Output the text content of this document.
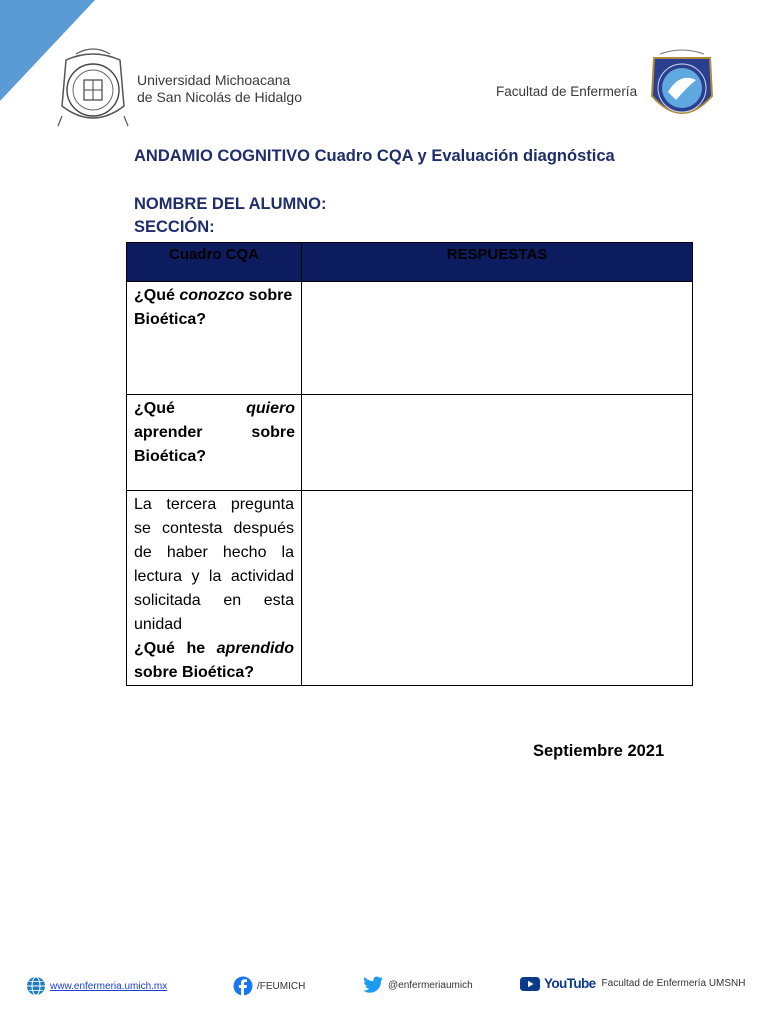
Universidad Michoacana
de San Nicolás de Hidalgo	Facultad de Enfermería
ANDAMIO COGNITIVO Cuadro CQA y Evaluación diagnóstica
NOMBRE DEL ALUMNO:
SECCIÓN:
Cuadro CQA	RESPUESTAS

¿Qué conozco sobre Bioética?	

¿Qué quiero aprender sobre Bioética?	

La tercera pregunta se contesta después de haber hecho la lectura y la actividad solicitada en esta unidad
¿Qué he aprendido sobre Bioética?	

Septiembre 2021
www.enfermeria.umich.mx	/FEUMICH	@enfermeriaumich	YouTube Facultad de Enfermería UMSNH
